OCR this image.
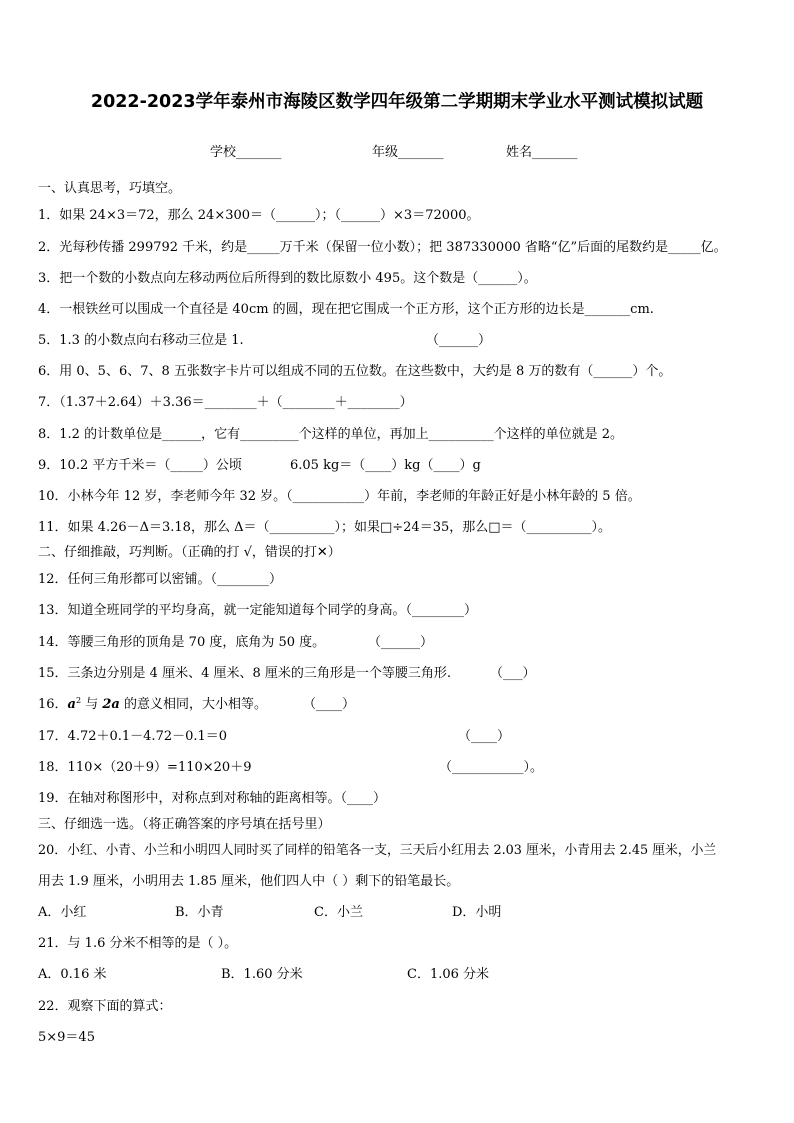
2022-2023学年泰州市海陵区数学四年级第二学期期末学业水平测试模拟试题
学校_______	年级_______	姓名_______
一、认真思考，巧填空。
1．如果 24×3＝72，那么 24×300＝（______）；（______）×3＝72000。
2．光每秒传播 299792 千米，约是_____万千米（保留一位小数）；把 387330000 省略“亿”后面的尾数约是_____亿。
3．把一个数的小数点向左移动两位后所得到的数比原数小 495。这个数是（______）。
4．一根铁丝可以围成一个直径是 40cm 的圆，现在把它围成一个正方形，这个正方形的边长是_______cm.
5．1.3 的小数点向右移动三位是 1.	（______）
6．用 0、5、6、7、8 五张数字卡片可以组成不同的五位数。在这些数中，大约是 8 万的数有（______）个。
7．（1.37＋2.64）＋3.36＝________＋（________＋________）
8．1.2 的计数单位是______，它有_________个这样的单位，再加上__________个这样的单位就是 2。
9．10.2 平方千米＝（_____）公顷	6.05 kg＝（____）kg（____）g
10．小林今年 12 岁，李老师今年 32 岁。（___________）年前，李老师的年龄正好是小林年龄的 5 倍。
11．如果 4.26－Δ＝3.18，那么 Δ＝（__________）；如果□÷24＝35，那么□＝（__________）。
二、仔细推敲，巧判断。（正确的打 √，错误的打✕）
12．任何三角形都可以密铺。（________）
13．知道全班同学的平均身高，就一定能知道每个同学的身高。（________）
14．等腰三角形的顶角是 70 度，底角为 50 度。	（______）
15．三条边分别是 4 厘米、4 厘米、8 厘米的三角形是一个等腰三角形.	（___）
16．$a^2$ 与 2a 的意义相同，大小相等。	（____）
17．4.72＋0.1－4.72－0.1＝0	（____）
18．110×（20＋9）=110×20＋9	（___________）。
19．在轴对称图形中，对称点到对称轴的距离相等。（____）
三、仔细选一选。（将正确答案的序号填在括号里）
20．小红、小青、小兰和小明四人同时买了同样的铅笔各一支，三天后小红用去 2.03 厘米，小青用去 2.45 厘米，小兰
用去 1.9 厘米，小明用去 1.85 厘米，他们四人中（ ）剩下的铅笔最长。
A．小红	B．小青	C．小兰	D．小明
21．与 1.6 分米不相等的是（ ）。
A．0.16 米	B．1.60 分米	C．1.06 分米
22．观察下面的算式：
5×9＝45
